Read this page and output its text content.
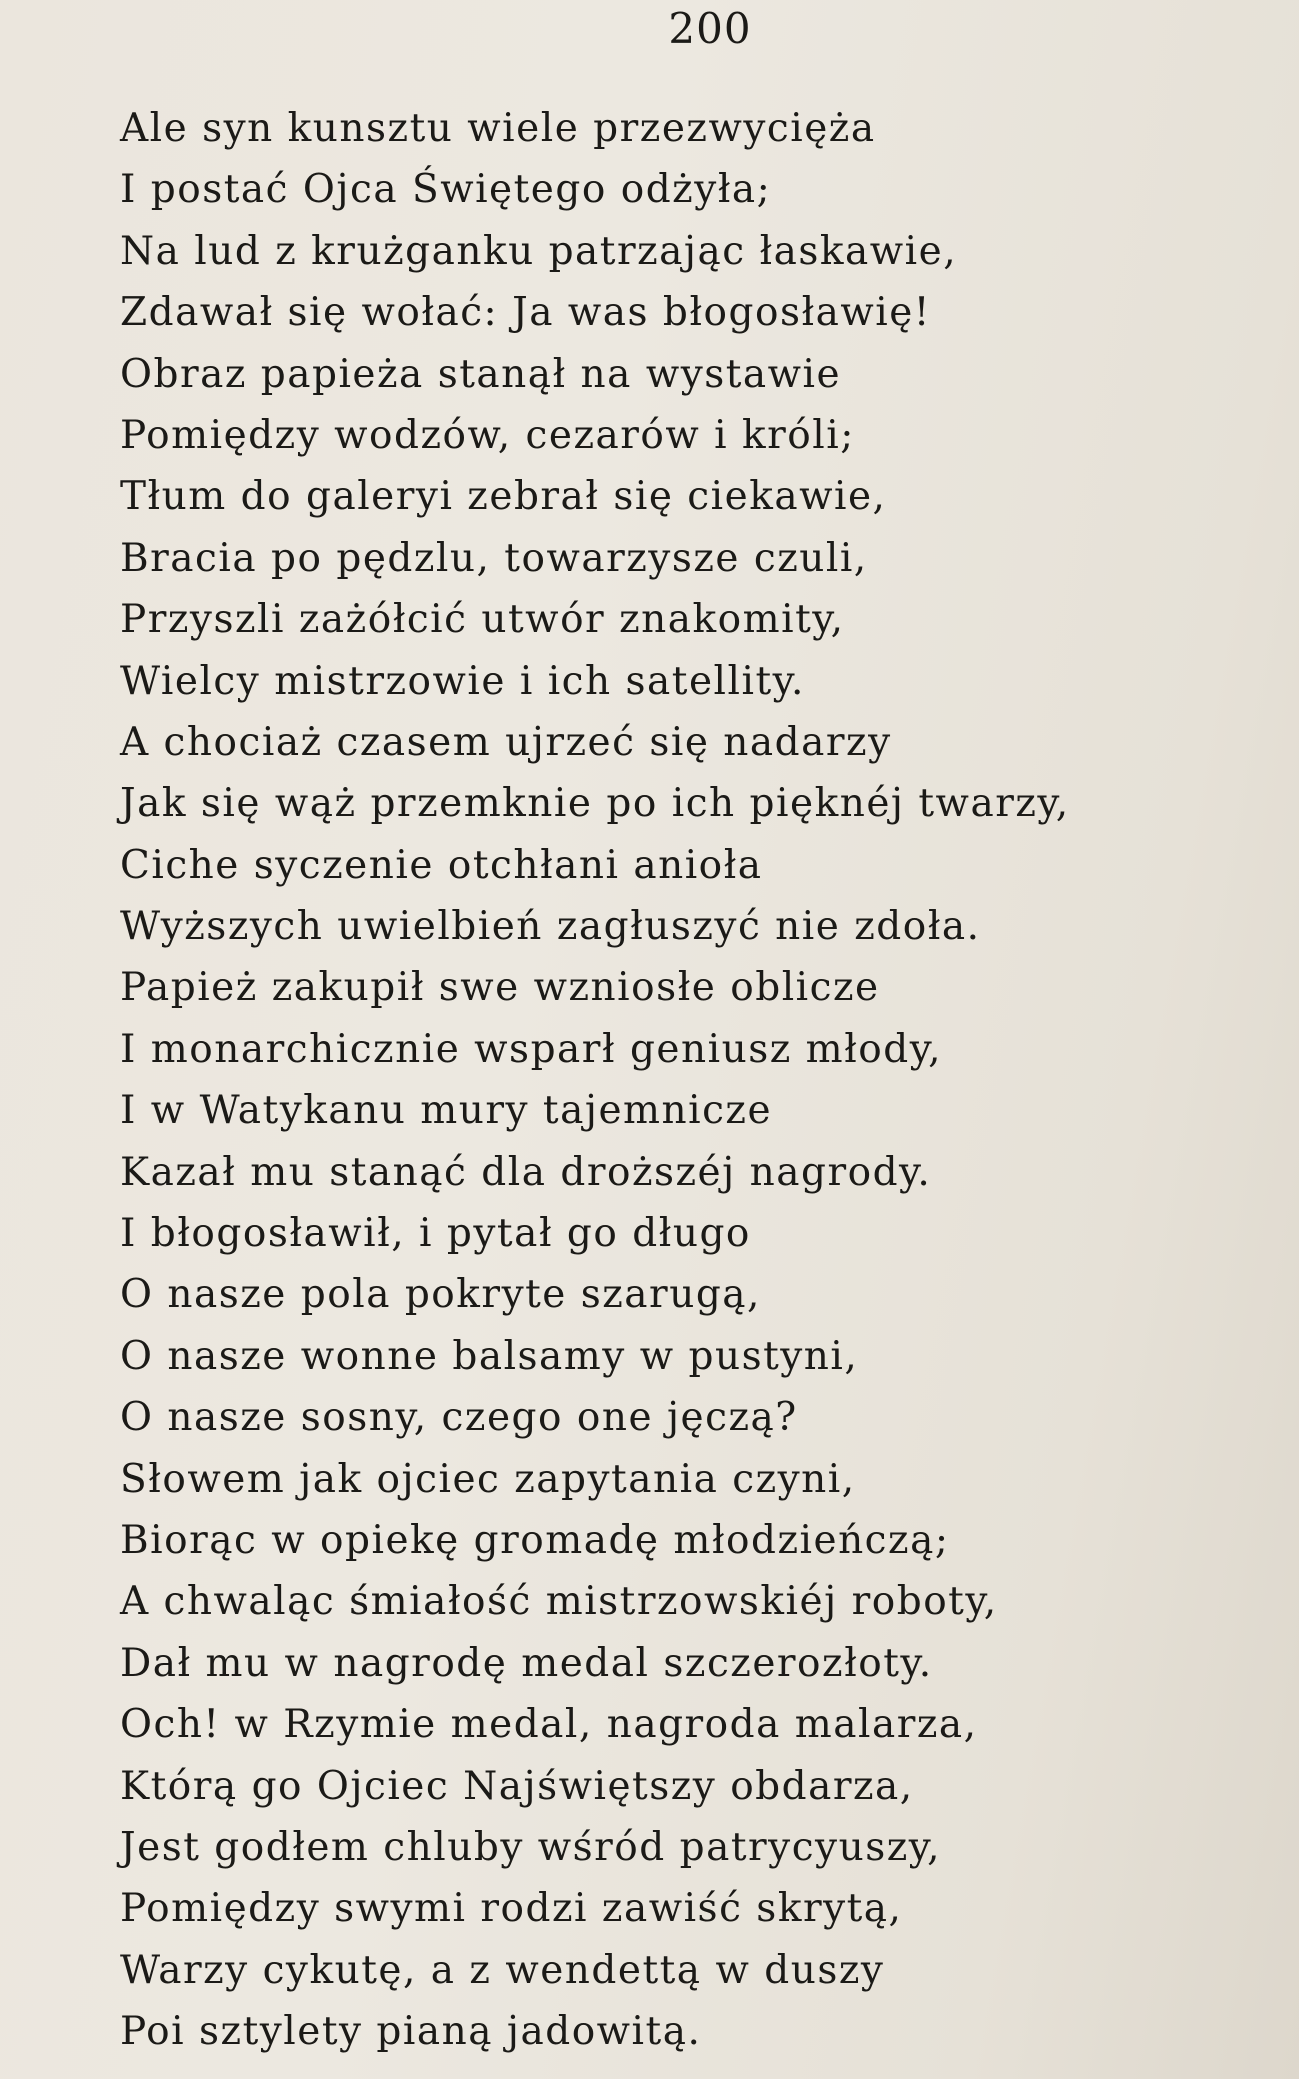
200
Ale syn kunsztu wiele przezwycięża
I postać Ojca Świętego odżyła;
Na lud z krużganku patrzając łaskawie,
Zdawał się wołać: Ja was błogosławię!
Obraz papieża stanął na wystawie
Pomiędzy wodzów, cezarów i króli;
Tłum do galeryi zebrał się ciekawie,
Bracia po pędzlu, towarzysze czuli,
Przyszli zażółcić utwór znakomity,
Wielcy mistrzowie i ich satellity.
A chociaż czasem ujrzeć się nadarzy
Jak się wąż przemknie po ich pięknéj twarzy,
Ciche syczenie otchłani anioła
Wyższych uwielbień zagłuszyć nie zdoła.
Papież zakupił swe wzniosłe oblicze
I monarchicznie wsparł geniusz młody,
I w Watykanu mury tajemnicze
Kazał mu stanąć dla droższéj nagrody.
I błogosławił, i pytał go długo
O nasze pola pokryte szarugą,
O nasze wonne balsamy w pustyni,
O nasze sosny, czego one jęczą?
Słowem jak ojciec zapytania czyni,
Biorąc w opiekę gromadę młodzieńczą;
A chwaląc śmiałość mistrzowskiéj roboty,
Dał mu w nagrodę medal szczerozłoty.
Och! w Rzymie medal, nagroda malarza,
Którą go Ojciec Najświętszy obdarza,
Jest godłem chluby wśród patrycyuszy,
Pomiędzy swymi rodzi zawiść skrytą,
Warzy cykutę, a z wendettą w duszy
Poi sztylety pianą jadowitą.
